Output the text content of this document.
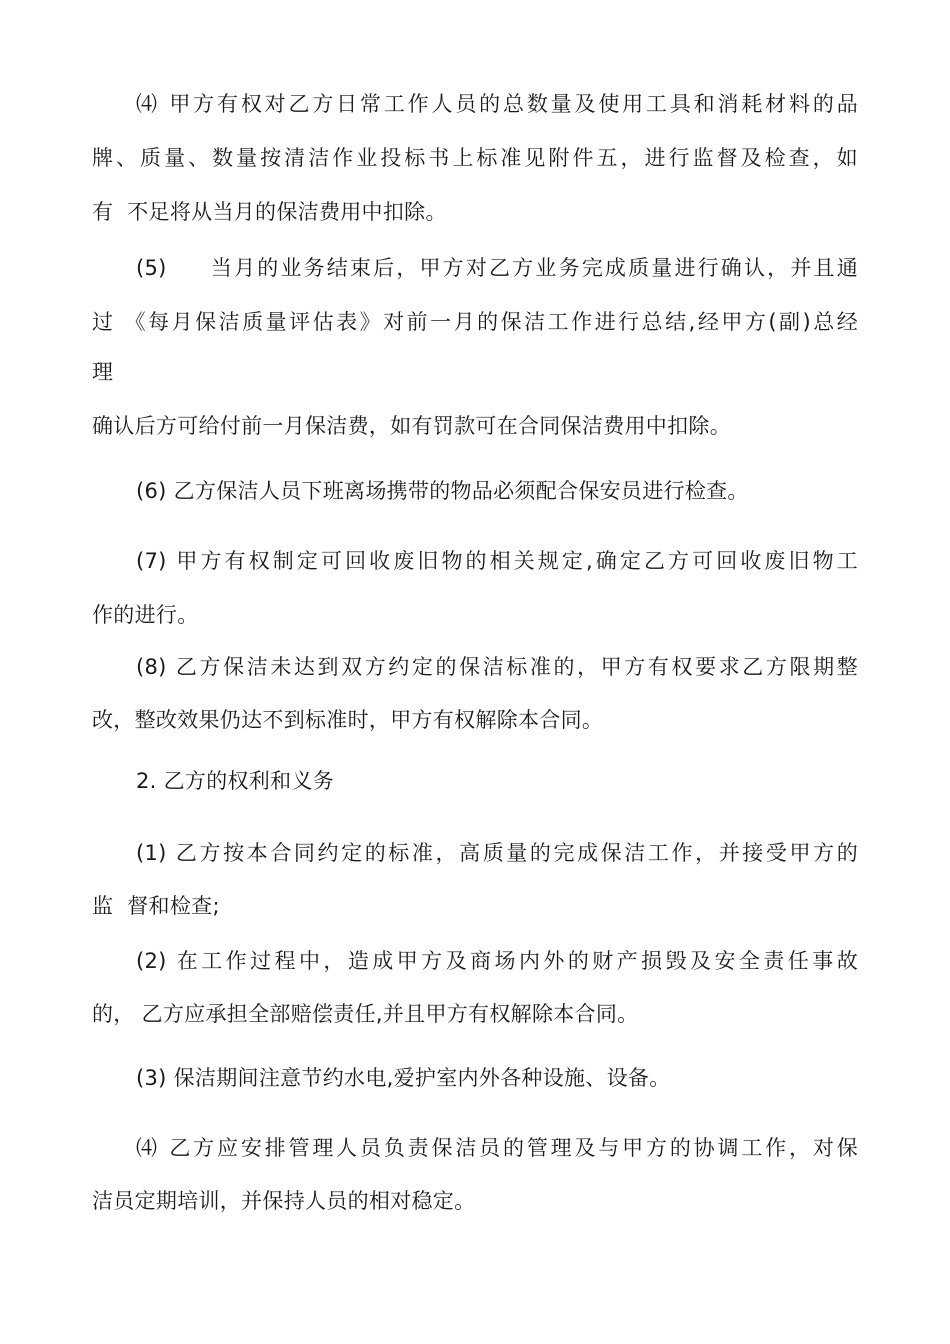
⑷ 甲方有权对乙方日常工作人员的总数量及使用工具和消耗材料的品
牌、质量、数量按清洁作业投标书上标准见附件五，进行监督及检查，如
有  不足将从当月的保洁费用中扣除。
(5)     当月的业务结束后，甲方对乙方业务完成质量进行确认，并且通
过 《每月保洁质量评估表》对前一月的保洁工作进行总结,经甲方(副)总经
理
确认后方可给付前一月保洁费，如有罚款可在合同保洁费用中扣除。
(6) 乙方保洁人员下班离场携带的物品必须配合保安员进行检查。
(7) 甲方有权制定可回收废旧物的相关规定,确定乙方可回收废旧物工
作的进行。
(8) 乙方保洁未达到双方约定的保洁标准的，甲方有权要求乙方限期整
改，整改效果仍达不到标准时，甲方有权解除本合同。
2. 乙方的权利和义务
(1) 乙方按本合同约定的标准，高质量的完成保洁工作，并接受甲方的
监  督和检查;
(2) 在工作过程中，造成甲方及商场内外的财产损毁及安全责任事故
的， 乙方应承担全部赔偿责任,并且甲方有权解除本合同。
(3) 保洁期间注意节约水电,爱护室内外各种设施、设备。
⑷ 乙方应安排管理人员负责保洁员的管理及与甲方的协调工作，对保
洁员定期培训，并保持人员的相对稳定。
